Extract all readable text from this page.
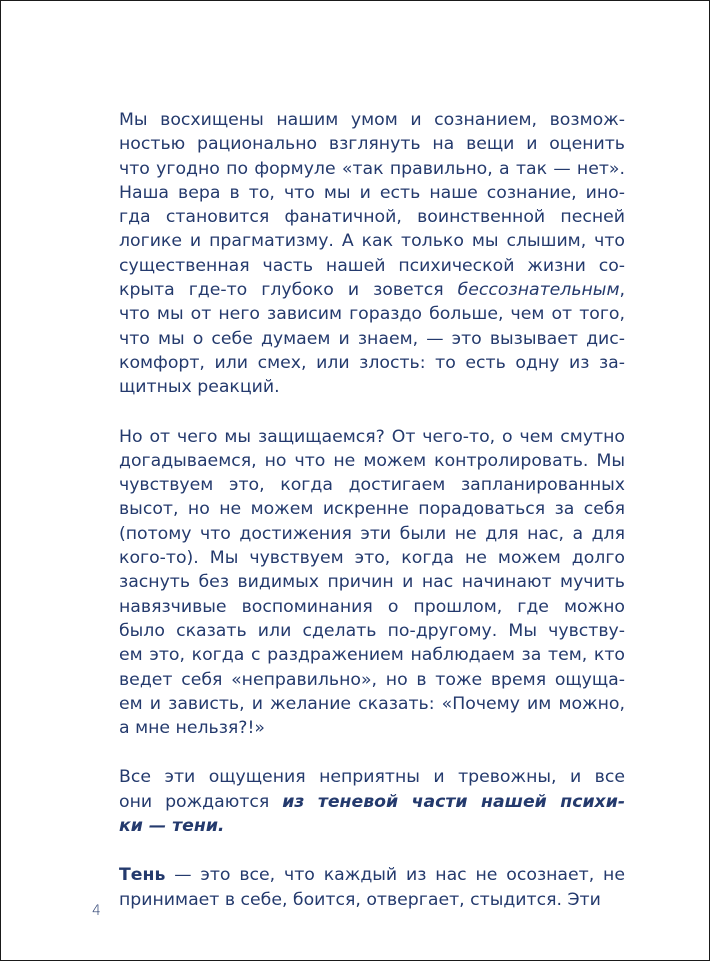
Мы восхищены нашим умом и сознанием, возмож-
ностью рационально взглянуть на вещи и оценить
что угодно по формуле «так правильно, а так — нет».
Наша вера в то, что мы и есть наше сознание, ино-
гда становится фанатичной, воинственной песней
логике и прагматизму. А как только мы слышим, что
существенная часть нашей психической жизни со-
крыта где-то глубоко и зовется бессознательным,
что мы от него зависим гораздо больше, чем от того,
что мы о себе думаем и знаем, — это вызывает дис-
комфорт, или смех, или злость: то есть одну из за-
щитных реакций.
Но от чего мы защищаемся? От чего-то, о чем смутно
догадываемся, но что не можем контролировать. Мы
чувствуем это, когда достигаем запланированных
высот, но не можем искренне порадоваться за себя
(потому что достижения эти были не для нас, а для
кого-то). Мы чувствуем это, когда не можем долго
заснуть без видимых причин и нас начинают мучить
навязчивые воспоминания о прошлом, где можно
было сказать или сделать по-другому. Мы чувству-
ем это, когда с раздражением наблюдаем за тем, кто
ведет себя «неправильно», но в тоже время ощуща-
ем и зависть, и желание сказать: «Почему им можно,
а мне нельзя?!»
Все эти ощущения неприятны и тревожны, и все
они рождаются из теневой части нашей психи-
ки — тени.
Тень — это все, что каждый из нас не осознает, не
принимает в себе, боится, отвергает, стыдится. Эти
4
